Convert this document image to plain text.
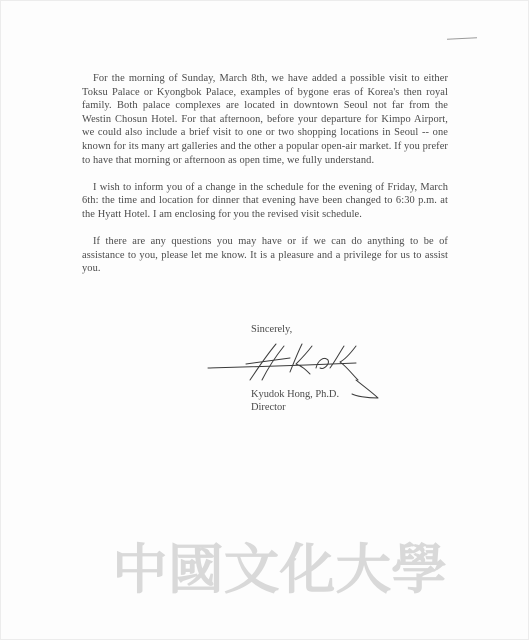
For the morning of Sunday, March 8th, we have added a possible visit to either Toksu Palace or Kyongbok Palace, examples of bygone eras of Korea's then royal family. Both palace complexes are located in downtown Seoul not far from the Westin Chosun Hotel. For that afternoon, before your departure for Kimpo Airport, we could also include a brief visit to one or two shopping locations in Seoul -- one known for its many art galleries and the other a popular open-air market. If you prefer to have that morning or afternoon as open time, we fully understand.

I wish to inform you of a change in the schedule for the evening of Friday, March 6th: the time and location for dinner that evening have been changed to 6:30 p.m. at the Hyatt Hotel. I am enclosing for you the revised visit schedule.

If there are any questions you may have or if we can do anything to be of assistance to you, please let me know. It is a pleasure and a privilege for us to assist you.

Sincerely,
Kyudok Hong, Ph.D.
Director
中國文化大學
